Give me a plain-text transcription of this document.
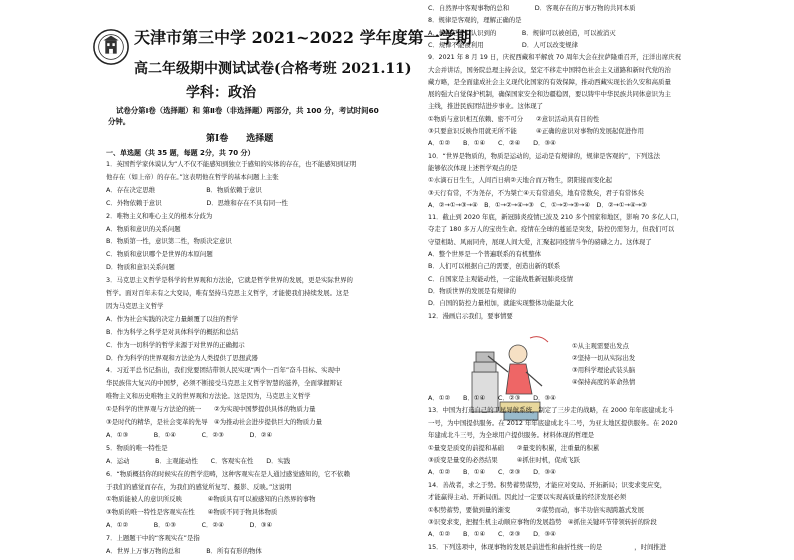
天津市第三中学 2021~2022 学年度第一学期
高二年级期中测试试卷(合格考班 2021.11)
学科：政治
试卷分第Ⅰ卷（选择题）和 第Ⅱ卷（非选择题）两部分，共 100 分，考试时间60
分钟。
第Ⅰ卷　　选择题
一、单选题（共 35 题，每题 2分，共 70 分）
1．英国哲学家休谟认为“人不仅不能感知到独立于感知的实体的存在，也不能感知到证明
他存在（如上帝）的存在。”这表明他在哲学的基本问题上主张
A．存在决定思维　　　　　　　　B．物质依赖于意识
C．外物依赖于意识　　　　　　　D．思维和存在不具有同一性
2．唯物主义和唯心主义的根本分歧为
A．物质和意识的关系问题
B．物质第一性，意识第二性，物质决定意识
C．物质和意识哪个是世界的本原问题
D．物质和意识关系问题
3．马克思主义哲学是科学的世界观和方法论，它就是哲学世界的发展，更是实际世界的
哲学。面对百年未有之大变局，唯有坚持马克思主义哲学，才能使我们持续发展。这是
因为马克思主义哲学
A．作为社会实践的决定力量颠覆了以往的哲学
B．作为科学之科学是对具体科学的概括和总结
C．作为一切科学的哲学来源于对世界的正确揭示
D．作为科学的世界观和方法论为人类提供了思想武器
4．习近平总书记指出，我们党要团结带领人民实现“两个一百年”奋斗目标、实现中
华民族伟大复兴的中国梦，必须不断接受马克思主义哲学智慧的滋养，全面掌握辩证
唯物主义和历史唯物主义的世界观和方法论。这是因为，马克思主义哲学
①是科学的世界观与方法论的统一　　②为实现中国梦提供具体的物质力量
③是时代的精华，是社会变革的先导　④为推动社会进步提供巨大的物质力量
A．①③　　　　B．①④　　　　C．②③　　　　D．②④
5．物质的唯一特性是
A．运动　　　　B．主观能动性　　C．客观实在性　　D．实践
6．“物质概括你的时候实在的哲学范畴，这种客观实在是人通过感觉感知的，它不依赖
于我们的感觉而存在，为我们的感觉所复写、摄影、反映。”这说明
①物质能被人的意识所反映　　　　④物质具有可以被感知的自然界的事物
③物质的唯一特性是客观实在性　　④物质不同于物具体物质
A．①②　　　　B．①③　　　　C．②④　　　　D．③④
7．上题题干中的“客观实在”是指
A．世界上万事万物的总和　　　　B．所有有形的物体
C．自然界中客观事物的总和　　　　D．客观存在的万事万物的共同本质
8．规律是客观的，理解正确的是
A．规律是人们认识到的　　　　B．规律可以被创造，可以被消灭
C．规律不能被利用　　　　　　D．人可以改变规律
9．2021 年 8 月 19 日，庆祝西藏和平解放 70 周年大会在拉萨隆重召开，汪洋出席庆祝
大会并讲话，国务院总理主持会议，坚定不移走中国特色社会主义道路和新时代党的治
藏方略，是全面建成社会主义现代化国家的有效保障，推动西藏实现长治久安和高质量
展的强大自觉保护机制，确保国家安全和边疆稳固，要以铸牢中华民族共同体意识为主
主线，推进民族团结进步事业。这体现了
①物质与意识相互依赖、密不可分　　②意识活动具有目的性
③只要意识反映作用就无所不能　　　④正确的意识对事物的发展起促进作用
A．①②　　B．①④　　C．②④　　D．③④
10．“世界是物质的，物质是运动的，运动是有规律的，规律是客观的”，下列选法
能够依次体现上述哲学观点的是
①水滴石日生生，人间百日病②天地合而万物生，阴阳接而变化起
③天行有常，不为尧存，不为桀亡④天有常道矣，地有常数矣，君子有常体矣
A．②→①→③→④　B．①→②→④→③　C．①→②→③→④　D．②→①→④→③
11．截止到 2020 年底，新冠肺炎疫情已波及 210 多个国家和地区，影响 70 多亿人口，
夺走了 180 多万人的宝贵生命。疫情在全球的蔓延是突发，防控仍需努力，但我们可以
守望相助、风雨同舟，展现人间大爱，汇聚起同疫情斗争的磅礴之力。这体现了
A．整个世界是一个普遍联系的有机整体
B．人们可以根据自己的需要，创造出新的联系
C．自国家是主观能动性，一定能战胜新冠肺炎疫情
D．物质世界的发展是有规律的
D．自国的防控力量相加，就能实现整体功能最大化
12．漫画启示我们，要事情要
①从主观需要出发点
②坚持一切从实际出发
③用科学理论武装头脑
④保持高度的革命热情
A．①②　　B．①④　　C．②③　　D．③④
13．中国为打造自己的卫星导航系统，制定了三步走的战略，在 2000 年年底建成北斗
一号，为中国提供服务。在 2012 年年底建成北斗二号，为亚太地区提供服务。在 2020
年建成北斗三号，为全球用户提供服务。材料体现的哲理是
①量变是质变的前提和基础　　②量变的积累，注重量的积累
③质变是量变的必然结果　　　④抓住时机，促成飞跃
A．①②　　B．①④　　C．②③　　D．③④
14．善战者，求之于势。积势蓄势谋势，才能应对变局、开拓新局；识变求变应变，
才能赢得主动、开新局面。因此过一定要以实现高质量的经济发展必须
①积势蓄势，要做到量的渐变　　　　②谋势而动，事半功倍实现跨越式发展
③识变求变，把握生机主动顺应事物的发展趋势　④抓住关键环节带领转折的阶段
A．①②　　B．①④　　C．②③　　D．③④
15．下列选项中，体现事物的发展是前进性和曲折性统一的是　　　　　，时间推进
